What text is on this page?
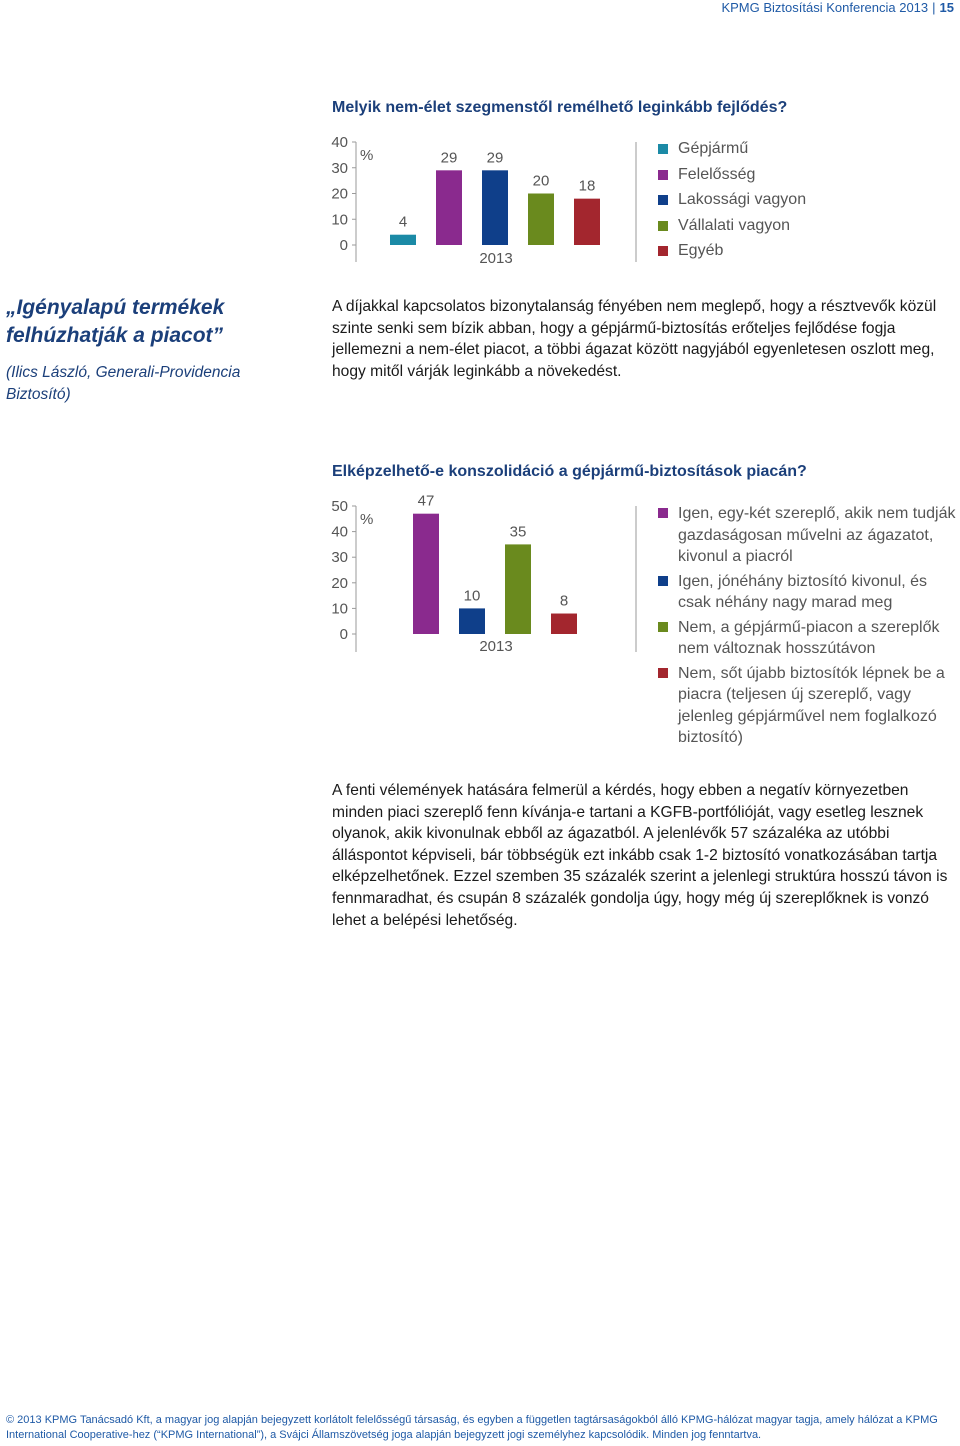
KPMG Biztosítási Konferencia 2013 | 15
Melyik nem-élet szegmenstől remélhető leginkább fejlődés?
0
10
20
30
40
%
4
29 29
20 18
2013
Gépjármű
Felelősség
Lakossági vagyon
Vállalati vagyon
Egyéb
„Igényalapú termékek felhúzhatják a piacot”
(Ilics László, Generali-Providencia Biztosító)
A díjakkal kapcsolatos bizonytalanság fényében nem meglepő, hogy a résztvevők közül szinte senki sem bízik abban, hogy a gépjármű-biztosítás erőteljes fejlődése fogja jellemezni a nem-élet piacot, a többi ágazat között nagyjából egyenletesen oszlott meg, hogy mitől várják leginkább a növekedést.
Elképzelhető-e konszolidáció a gépjármű-biztosítások piacán?
0
10
20
30
40
50
%
47
10
35
8
2013
Igen, egy-két szereplő, akik nem tudják gazdaságosan művelni az ágazatot, kivonul a piacról
Igen, jónéhány biztosító kivonul, és csak néhány nagy marad meg
Nem, a gépjármű-piacon a szereplők nem változnak hosszútávon
Nem, sőt újabb biztosítók lépnek be a piacra (teljesen új szereplő, vagy jelenleg gépjárművel nem foglalkozó biztosító)
A fenti vélemények hatására felmerül a kérdés, hogy ebben a negatív környezetben minden piaci szereplő fenn kívánja-e tartani a KGFB-portfólióját, vagy esetleg lesznek olyanok, akik kivonulnak ebből az ágazatból. A jelenlévők 57 százaléka az utóbbi álláspontot képviseli, bár többségük ezt inkább csak 1-2 biztosító vonatkozásában tartja elképzelhetőnek. Ezzel szemben 35 százalék szerint a jelenlegi struktúra hosszú távon is fennmaradhat, és csupán 8 százalék gondolja úgy, hogy még új szereplőknek is vonzó lehet a belépési lehetőség.
© 2013 KPMG Tanácsadó Kft, a magyar jog alapján bejegyzett korlátolt felelősségű társaság, és egyben a független tagtársaságokból álló KPMG-hálózat magyar tagja, amely hálózat a KPMG International Cooperative-hez (“KPMG International”), a Svájci Államszövetség joga alapján bejegyzett jogi személyhez kapcsolódik. Minden jog fenntartva.
